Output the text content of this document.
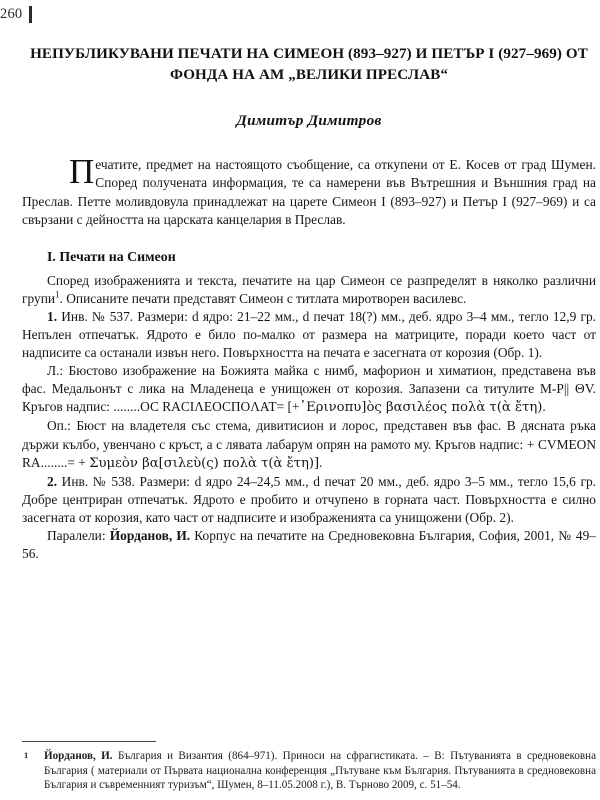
260
НЕПУБЛИКУВАНИ ПЕЧАТИ НА СИМЕОН (893–927) И ПЕТЪР I (927–969) ОТ ФОНДА НА АМ „ВЕЛИКИ ПРЕСЛАВ“

Димитър Димитров

Печатите, предмет на настоящото съобщение, са откупени от Е. Косев от град Шумен. Според получената информация, те са намерени във Вътрешния и Външния град на Преслав. Петте моливдовула принадлежат на царете Симеон I (893–927) и Петър I (927–969) и са свързани с дейността на царската канцелария в Преслав.

I. Печати на Симеон

Според изображенията и текста, печатите на цар Симеон се разпределят в няколко различни групи$^1$. Описаните печати представят Симеон с титлата миротворен василевс.

1. Инв. № 537. Размери: d ядро: 21–22 мм., d печат 18(?) мм., деб. ядро 3–4 мм., тегло 12,9 гр. Непълен отпечатък. Ядрото е било по-малко от размера на матриците, поради което част от надписите са останали извън него. Повърхността на печата е засегната от корозия (Обр. 1).

Л.: Бюстово изображение на Божията майка с нимб, мафорион и химатион, представена във фас. Медальонът с лика на Младенеца е унищожен от корозия. Запазени са титулите M-P|| ΘV. Кръгов надпис: ........ОС RACIΛЕОСПОΛАТ= [+᾿Ερινοπυ]ὸς βασιλέος πολὰ τ(ὰ ἔτη).

Оп.: Бюст на владетеля със стема, дивитисион и лорос, представен във фас. В дясната ръка държи кълбо, увенчано с кръст, а с лявата лабарум опрян на рамото му. Кръгов надпис: + CVMEON RA........= + Συμεὸν βα[σιλεὺ(ς) πολὰ τ(ὰ ἔτη)].

2. Инв. № 538. Размери: d ядро 24–24,5 мм., d печат 20 мм., деб. ядро 3–5 мм., тегло 15,6 гр. Добре центриран отпечатък. Ядрото е пробито и отчупено в горната част. Повърхността е силно засегната от корозия, като част от надписите и изображенията са унищожени (Обр. 2).

Паралели: Йорданов, И. Корпус на печатите на Средновековна България, София, 2001, № 49–56.

1 Йорданов, И. България и Византия (864–971). Приноси на сфрагистиката. – В: Пътуванията в средновековна България ( материали от Първата национална конференция „Пътуване към България. Пътуванията в средновековна България и съвременният туризъм“, Шумен, 8–11.05.2008 г.), В. Търново 2009, с. 51–54.
